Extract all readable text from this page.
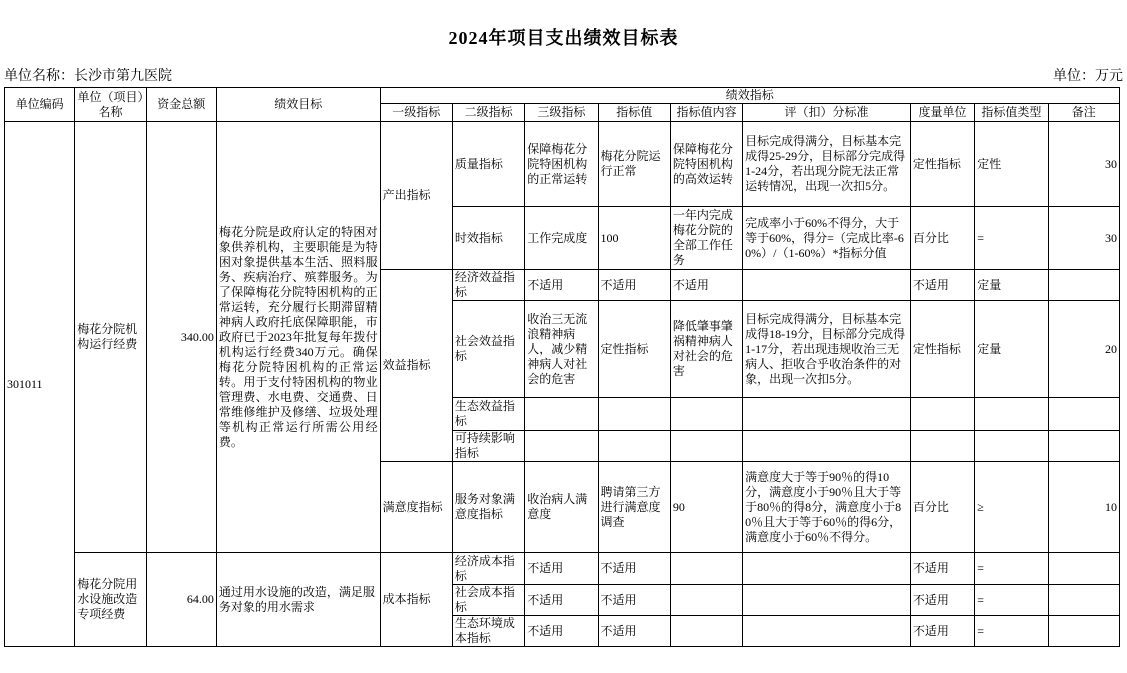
2024年项目支出绩效目标表
单位名称：长沙市第九医院	单位：万元
单位编码	单位（项目）名称	资金总额	绩效目标	绩效指标								
				一级指标	二级指标	三级指标	指标值	指标值内容	评（扣）分标准	度量单位	指标值类型	备注
301011	梅花分院机构运行经费	340.00	梅花分院是政府认定的特困对象供养机构，主要职能是为特困对象提供基本生活、照料服务、疾病治疗、殡葬服务。为了保障梅花分院特困机构的正常运转，充分履行长期滞留精神病人政府托底保障职能，市政府已于2023年批复每年拨付机构运行经费340万元。确保梅花分院特困机构的正常运转。用于支付特困机构的物业管理费、水电费、交通费、日常维修维护及修缮、垃圾处理等机构正常运行所需公用经费。	产出指标	质量指标	保障梅花分院特困机构的正常运转	梅花分院运行正常	保障梅花分院特困机构的高效运转	目标完成得满分，目标基本完成得25-29分，目标部分完成得1-24分，若出现分院无法正常运转情况，出现一次扣5分。	定性指标	定性	30
					时效指标	工作完成度	100	一年内完成梅花分院的全部工作任务	完成率小于60%不得分，大于等于60%，得分=（完成比率-60%）/（1-60%）*指标分值	百分比	=	30
				效益指标	经济效益指标	不适用	不适用	不适用		不适用	定量	
					社会效益指标	收治三无流浪精神病人，减少精神病人对社会的危害	定性指标	降低肇事肇祸精神病人对社会的危害	目标完成得满分，目标基本完成得18-19分，目标部分完成得1-17分，若出现违规收治三无病人、拒收合乎收治条件的对象，出现一次扣5分。	定性指标	定量	20
					生态效益指标							
					可持续影响指标							
				满意度指标	服务对象满意度指标	收治病人满意度	聘请第三方进行满意度调查	90	满意度大于等于90％的得10分，满意度小于90％且大于等于80％的得8分，满意度小于80％且大于等于60％的得6分，满意度小于60％不得分。	百分比	≥	10
	梅花分院用水设施改造专项经费	64.00	通过用水设施的改造，满足服务对象的用水需求	成本指标	经济成本指标	不适用	不适用			不适用	=	
					社会成本指标	不适用	不适用			不适用	=	
					生态环境成本指标	不适用	不适用			不适用	=	
